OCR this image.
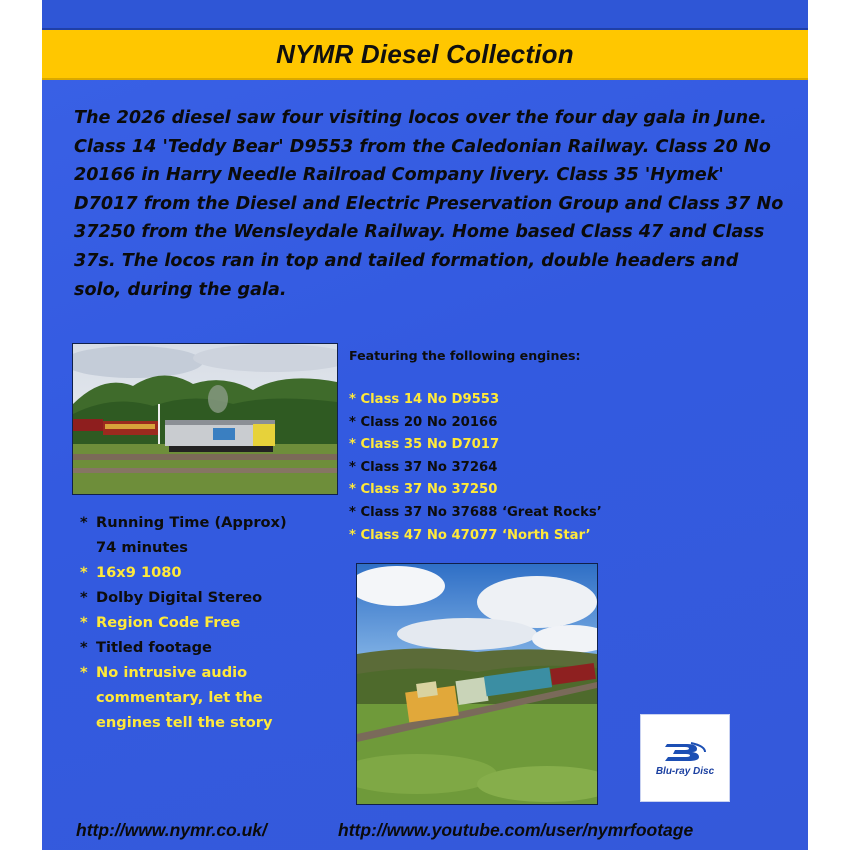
NYMR Diesel Collection

The 2026 diesel saw four visiting locos over the four day gala in June. Class 14 'Teddy Bear' D9553 from the Caledonian Railway. Class 20 No 20166 in Harry Needle Railroad Company livery. Class 35 'Hymek' D7017 from the Diesel and Electric Preservation Group and Class 37 No 37250 from the Wensleydale Railway. Home based Class 47 and Class 37s. The locos ran in top and tailed formation, double headers and solo, during the gala.

Featuring the following engines:
* Class 14 No D9553
* Class 20 No 20166
* Class 35 No D7017
* Class 37 No 37264
* Class 37 No 37250
* Class 37 No 37688 ‘Great Rocks’
* Class 47 No 47077 ‘North Star’
* Running Time (Approx) 74 minutes
* 16x9 1080
* Dolby Digital Stereo
* Region Code Free
* Titled footage
* No intrusive audio commentary, let the engines tell the story
Blu-ray Disc
http://www.nymr.co.uk/	http://www.youtube.com/user/nymrfootage
